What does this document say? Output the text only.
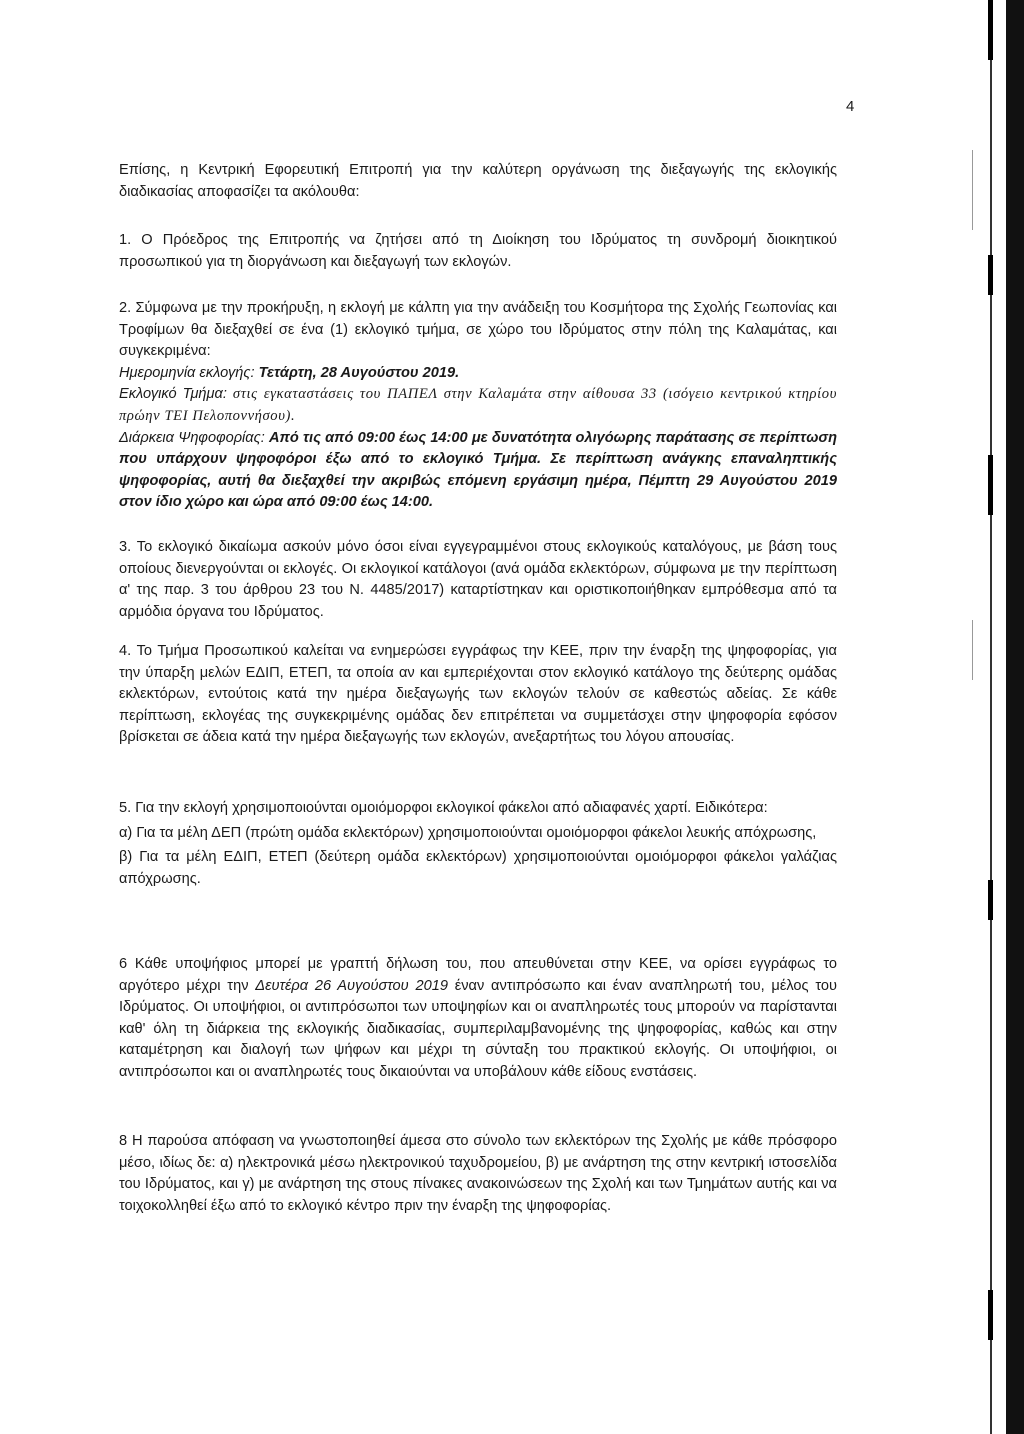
4

Επίσης, η Κεντρική Εφορευτική Επιτροπή για την καλύτερη οργάνωση της διεξαγωγής της εκλογικής διαδικασίας αποφασίζει τα ακόλουθα:

1. Ο Πρόεδρος της Επιτροπής να ζητήσει από τη Διοίκηση του Ιδρύματος τη συνδρομή διοικητικού προσωπικού για τη διοργάνωση και διεξαγωγή των εκλογών.

2. Σύμφωνα με την προκήρυξη, η εκλογή με κάλπη για την ανάδειξη του Κοσμήτορα της Σχολής Γεωπονίας και Τροφίμων θα διεξαχθεί σε ένα (1) εκλογικό τμήμα, σε χώρο του Ιδρύματος στην πόλη της Καλαμάτας, και συγκεκριμένα:
Ημερομηνία εκλογής: Τετάρτη, 28 Αυγούστου 2019.
Εκλογικό Τμήμα: στις εγκαταστάσεις του ΠΑΠΕΛ στην Καλαμάτα στην αίθουσα 33 (ισόγειο κεντρικού κτηρίου πρώην ΤΕΙ Πελοποννήσου).
Διάρκεια Ψηφοφορίας: Από τις από 09:00 έως 14:00 με δυνατότητα ολιγόωρης παράτασης σε περίπτωση που υπάρχουν ψηφοφόροι έξω από το εκλογικό Τμήμα. Σε περίπτωση ανάγκης επαναληπτικής ψηφοφορίας, αυτή θα διεξαχθεί την ακριβώς επόμενη εργάσιμη ημέρα, Πέμπτη 29 Αυγούστου 2019 στον ίδιο χώρο και ώρα από 09:00 έως 14:00.

3. Το εκλογικό δικαίωμα ασκούν μόνο όσοι είναι εγγεγραμμένοι στους εκλογικούς καταλόγους, με βάση τους οποίους διενεργούνται οι εκλογές. Οι εκλογικοί κατάλογοι (ανά ομάδα εκλεκτόρων, σύμφωνα με την περίπτωση α' της παρ. 3 του άρθρου 23 του Ν. 4485/2017) καταρτίστηκαν και οριστικοποιήθηκαν εμπρόθεσμα από τα αρμόδια όργανα του Ιδρύματος.

4. Το Τμήμα Προσωπικού καλείται να ενημερώσει εγγράφως την ΚΕΕ, πριν την έναρξη της ψηφοφορίας, για την ύπαρξη μελών ΕΔΙΠ, ΕΤΕΠ, τα οποία αν και εμπεριέχονται στον εκλογικό κατάλογο της δεύτερης ομάδας εκλεκτόρων, εντούτοις κατά την ημέρα διεξαγωγής των εκλογών τελούν σε καθεστώς αδείας. Σε κάθε περίπτωση, εκλογέας της συγκεκριμένης ομάδας δεν επιτρέπεται να συμμετάσχει στην ψηφοφορία εφόσον βρίσκεται σε άδεια κατά την ημέρα διεξαγωγής των εκλογών, ανεξαρτήτως του λόγου απουσίας.

5. Για την εκλογή χρησιμοποιούνται ομοιόμορφοι εκλογικοί φάκελοι από αδιαφανές χαρτί. Ειδικότερα:

α) Για τα μέλη ΔΕΠ (πρώτη ομάδα εκλεκτόρων) χρησιμοποιούνται ομοιόμορφοι φάκελοι λευκής απόχρωσης,

β) Για τα μέλη ΕΔΙΠ, ΕΤΕΠ (δεύτερη ομάδα εκλεκτόρων) χρησιμοποιούνται ομοιόμορφοι φάκελοι γαλάζιας απόχρωσης.

6 Κάθε υποψήφιος μπορεί με γραπτή δήλωση του, που απευθύνεται στην ΚΕΕ, να ορίσει εγγράφως το αργότερο μέχρι την Δευτέρα 26 Αυγούστου 2019 έναν αντιπρόσωπο και έναν αναπληρωτή του, μέλος του Ιδρύματος. Οι υποψήφιοι, οι αντιπρόσωποι των υποψηφίων και οι αναπληρωτές τους μπορούν να παρίστανται καθ' όλη τη διάρκεια της εκλογικής διαδικασίας, συμπεριλαμβανομένης της ψηφοφορίας, καθώς και στην καταμέτρηση και διαλογή των ψήφων και μέχρι τη σύνταξη του πρακτικού εκλογής. Οι υποψήφιοι, οι αντιπρόσωποι και οι αναπληρωτές τους δικαιούνται να υποβάλουν κάθε είδους ενστάσεις.

8 Η παρούσα απόφαση να γνωστοποιηθεί άμεσα στο σύνολο των εκλεκτόρων της Σχολής με κάθε πρόσφορο μέσο, ιδίως δε: α) ηλεκτρονικά μέσω ηλεκτρονικού ταχυδρομείου, β) με ανάρτηση της στην κεντρική ιστοσελίδα του Ιδρύματος, και γ) με ανάρτηση της στους πίνακες ανακοινώσεων της Σχολή και των Τμημάτων αυτής και να τοιχοκολληθεί έξω από το εκλογικό κέντρο πριν την έναρξη της ψηφοφορίας.
